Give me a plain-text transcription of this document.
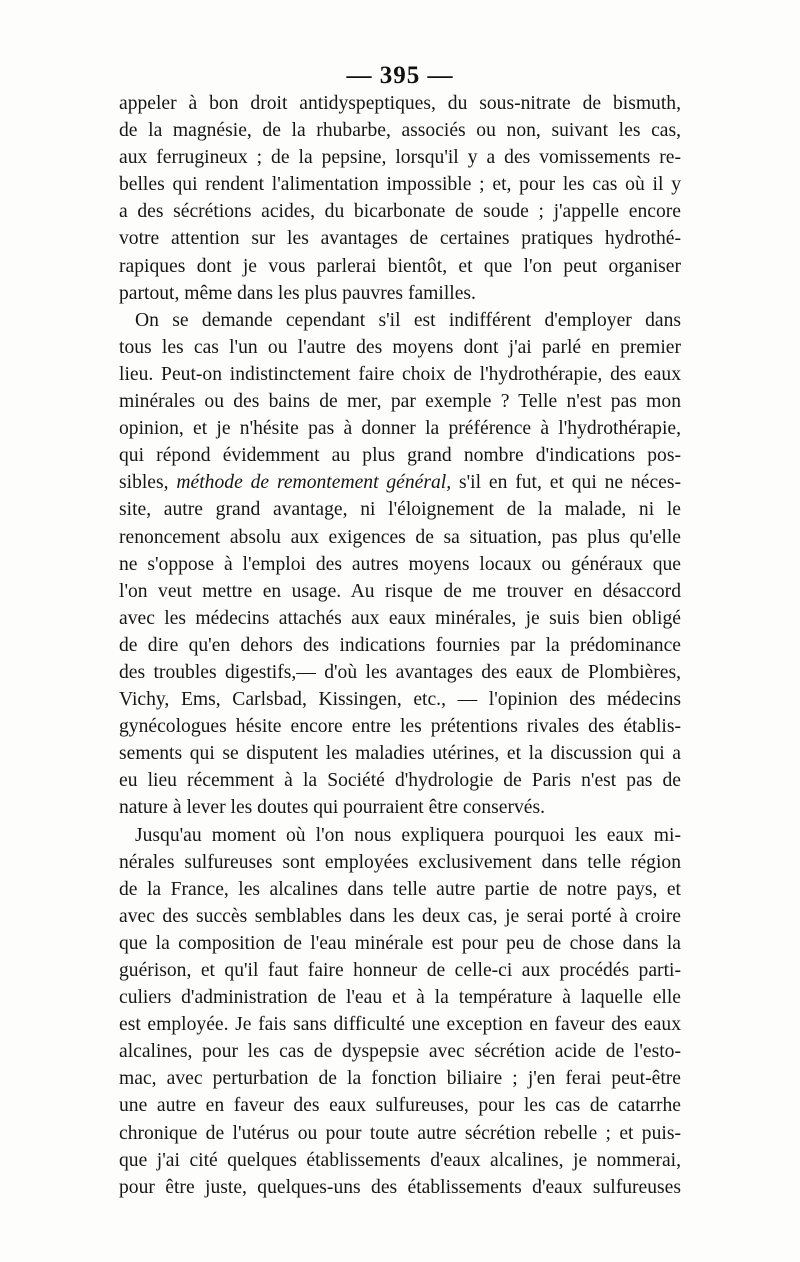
— 395 —
appeler à bon droit antidyspeptiques, du sous-nitrate de bismuth,
de la magnésie, de la rhubarbe, associés ou non, suivant les cas,
aux ferrugineux ; de la pepsine, lorsqu'il y a des vomissements re-
belles qui rendent l'alimentation impossible ; et, pour les cas où il y
a des sécrétions acides, du bicarbonate de soude ; j'appelle encore
votre attention sur les avantages de certaines pratiques hydrothé-
rapiques dont je vous parlerai bientôt, et que l'on peut organiser
partout, même dans les plus pauvres familles.
On se demande cependant s'il est indifférent d'employer dans
tous les cas l'un ou l'autre des moyens dont j'ai parlé en premier
lieu. Peut-on indistinctement faire choix de l'hydrothérapie, des eaux
minérales ou des bains de mer, par exemple ? Telle n'est pas mon
opinion, et je n'hésite pas à donner la préférence à l'hydrothérapie,
qui répond évidemment au plus grand nombre d'indications pos-
sibles, méthode de remontement général, s'il en fut, et qui ne néces-
site, autre grand avantage, ni l'éloignement de la malade, ni le
renoncement absolu aux exigences de sa situation, pas plus qu'elle
ne s'oppose à l'emploi des autres moyens locaux ou généraux que
l'on veut mettre en usage. Au risque de me trouver en désaccord
avec les médecins attachés aux eaux minérales, je suis bien obligé
de dire qu'en dehors des indications fournies par la prédominance
des troubles digestifs,— d'où les avantages des eaux de Plombières,
Vichy, Ems, Carlsbad, Kissingen, etc., — l'opinion des médecins
gynécologues hésite encore entre les prétentions rivales des établis-
sements qui se disputent les maladies utérines, et la discussion qui a
eu lieu récemment à la Société d'hydrologie de Paris n'est pas de
nature à lever les doutes qui pourraient être conservés.
Jusqu'au moment où l'on nous expliquera pourquoi les eaux mi-
nérales sulfureuses sont employées exclusivement dans telle région
de la France, les alcalines dans telle autre partie de notre pays, et
avec des succès semblables dans les deux cas, je serai porté à croire
que la composition de l'eau minérale est pour peu de chose dans la
guérison, et qu'il faut faire honneur de celle-ci aux procédés parti-
culiers d'administration de l'eau et à la température à laquelle elle
est employée. Je fais sans difficulté une exception en faveur des eaux
alcalines, pour les cas de dyspepsie avec sécrétion acide de l'esto-
mac, avec perturbation de la fonction biliaire ; j'en ferai peut-être
une autre en faveur des eaux sulfureuses, pour les cas de catarrhe
chronique de l'utérus ou pour toute autre sécrétion rebelle ; et puis-
que j'ai cité quelques établissements d'eaux alcalines, je nommerai,
pour être juste, quelques-uns des établissements d'eaux sulfureuses
